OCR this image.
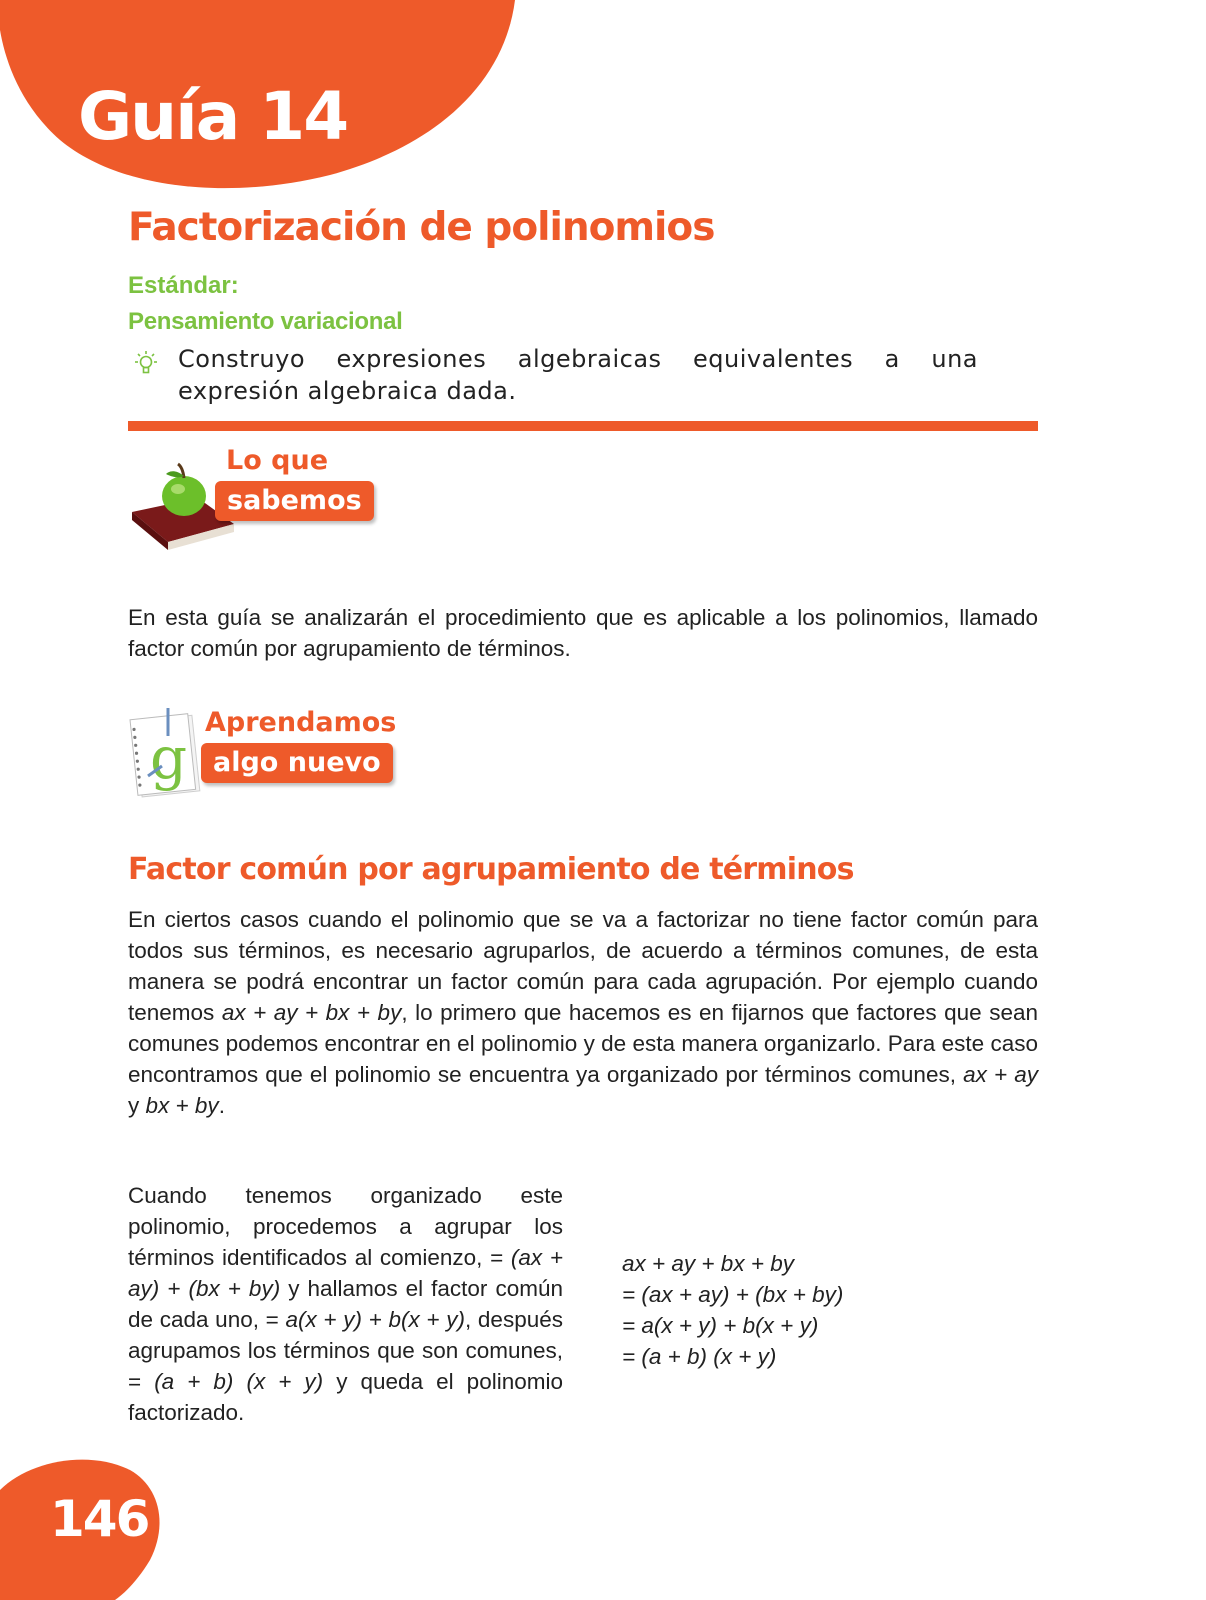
Guía 14
Factorización de polinomios
Estándar:
Pensamiento variacional
Construyo expresiones algebraicas equivalentes a una expresión algebraica dada.
Lo que
sabemos
En esta guía se analizarán el procedimiento que es aplicable a los polinomios, llamado factor común por agrupamiento de términos.
g
Aprendamos
algo nuevo
Factor común por agrupamiento de términos
En ciertos casos cuando el polinomio que se va a factorizar no tiene factor común para todos sus términos, es necesario agruparlos, de acuerdo a términos comunes, de esta manera se podrá encontrar un factor común para cada agrupación. Por ejemplo cuando tenemos ax + ay + bx + by, lo primero que hacemos es en fijarnos que factores que sean comunes podemos encontrar en el polinomio y de esta manera organizarlo. Para este caso encontramos que el polinomio se encuentra ya organizado por términos comunes, ax + ay y bx + by.
Cuando tenemos organizado este polinomio, procedemos a agrupar los términos identificados al comienzo, = (ax + ay) + (bx + by) y hallamos el factor común de cada uno, = a(x + y) + b(x + y), después agrupamos los términos que son comunes, = (a + b) (x + y) y queda el polinomio factorizado.
ax + ay + bx + by
= (ax + ay) + (bx + by)
= a(x + y) + b(x + y)
= (a + b) (x + y)
146
